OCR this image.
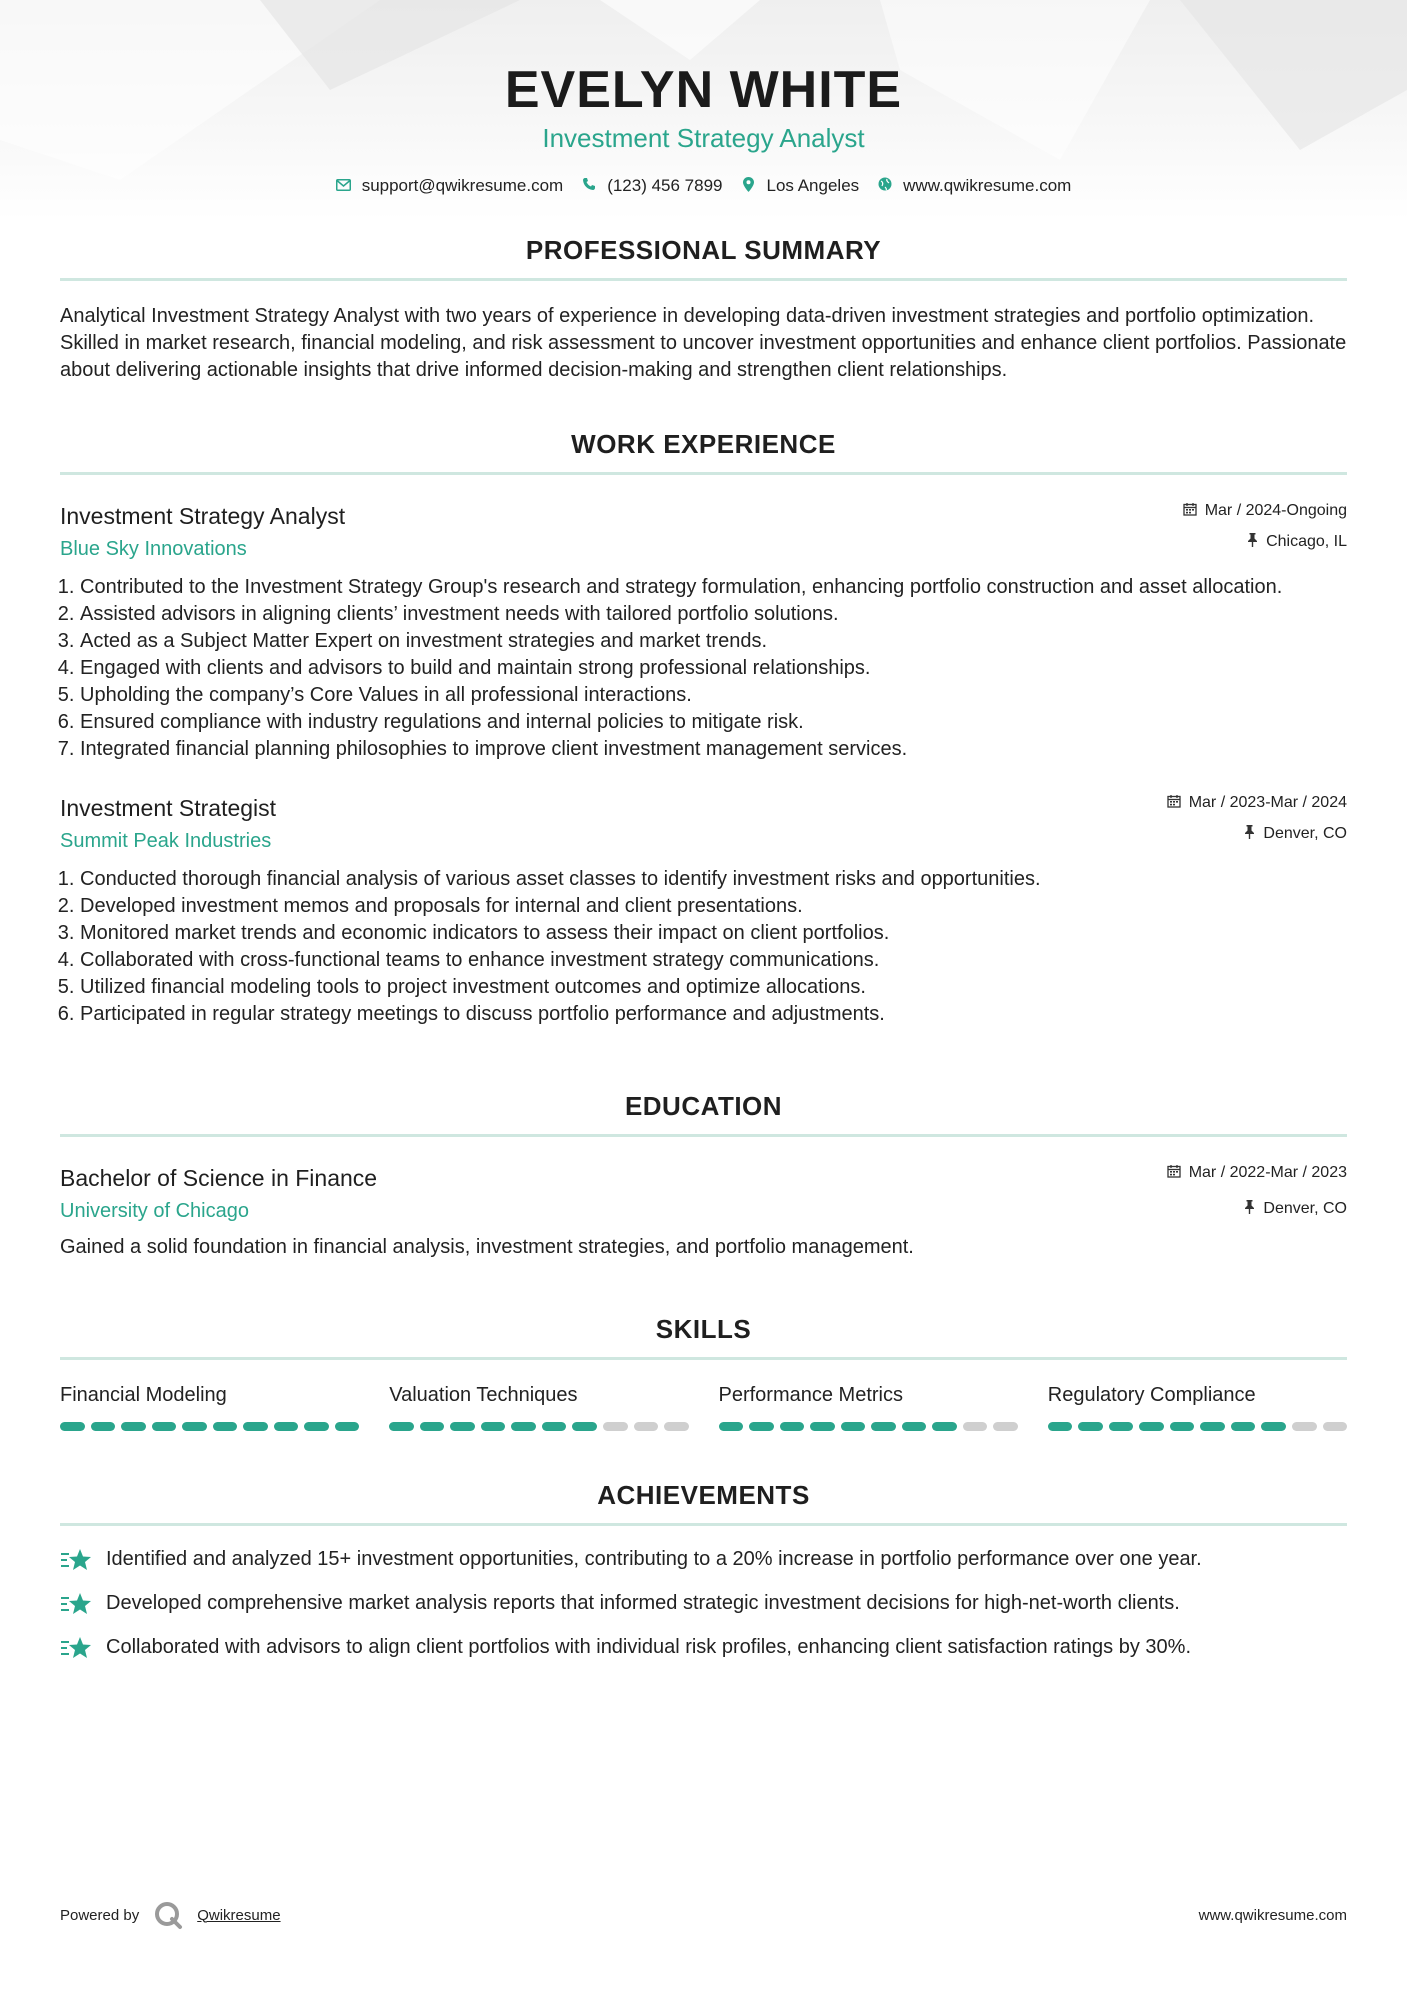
EVELYN WHITE
Investment Strategy Analyst
support@qwikresume.com	(123) 456 7899	Los Angeles	www.qwikresume.com
PROFESSIONAL SUMMARY

Analytical Investment Strategy Analyst with two years of experience in developing data-driven investment strategies and portfolio optimization. Skilled in market research, financial modeling, and risk assessment to uncover investment opportunities and enhance client portfolios. Passionate about delivering actionable insights that drive informed decision-making and strengthen client relationships.

WORK EXPERIENCE
Investment Strategy Analyst
Blue Sky Innovations
Mar / 2024-Ongoing
Chicago, IL
1. Contributed to the Investment Strategy Group's research and strategy formulation, enhancing portfolio construction and asset allocation.
2. Assisted advisors in aligning clients’ investment needs with tailored portfolio solutions.
3. Acted as a Subject Matter Expert on investment strategies and market trends.
4. Engaged with clients and advisors to build and maintain strong professional relationships.
5. Upholding the company’s Core Values in all professional interactions.
6. Ensured compliance with industry regulations and internal policies to mitigate risk.
7. Integrated financial planning philosophies to improve client investment management services.
Investment Strategist
Summit Peak Industries
Mar / 2023-Mar / 2024
Denver, CO
1. Conducted thorough financial analysis of various asset classes to identify investment risks and opportunities.
2. Developed investment memos and proposals for internal and client presentations.
3. Monitored market trends and economic indicators to assess their impact on client portfolios.
4. Collaborated with cross-functional teams to enhance investment strategy communications.
5. Utilized financial modeling tools to project investment outcomes and optimize allocations.
6. Participated in regular strategy meetings to discuss portfolio performance and adjustments.
EDUCATION
Bachelor of Science in Finance
University of Chicago
Mar / 2022-Mar / 2023
Denver, CO

Gained a solid foundation in financial analysis, investment strategies, and portfolio management.

SKILLS
Financial Modeling	Valuation Techniques	Performance Metrics	Regulatory Compliance
ACHIEVEMENTS
Identified and analyzed 15+ investment opportunities, contributing to a 20% increase in portfolio performance over one year.
Developed comprehensive market analysis reports that informed strategic investment decisions for high-net-worth clients.
Collaborated with advisors to align client portfolios with individual risk profiles, enhancing client satisfaction ratings by 30%.
Powered by	Qwikresume	www.qwikresume.com
